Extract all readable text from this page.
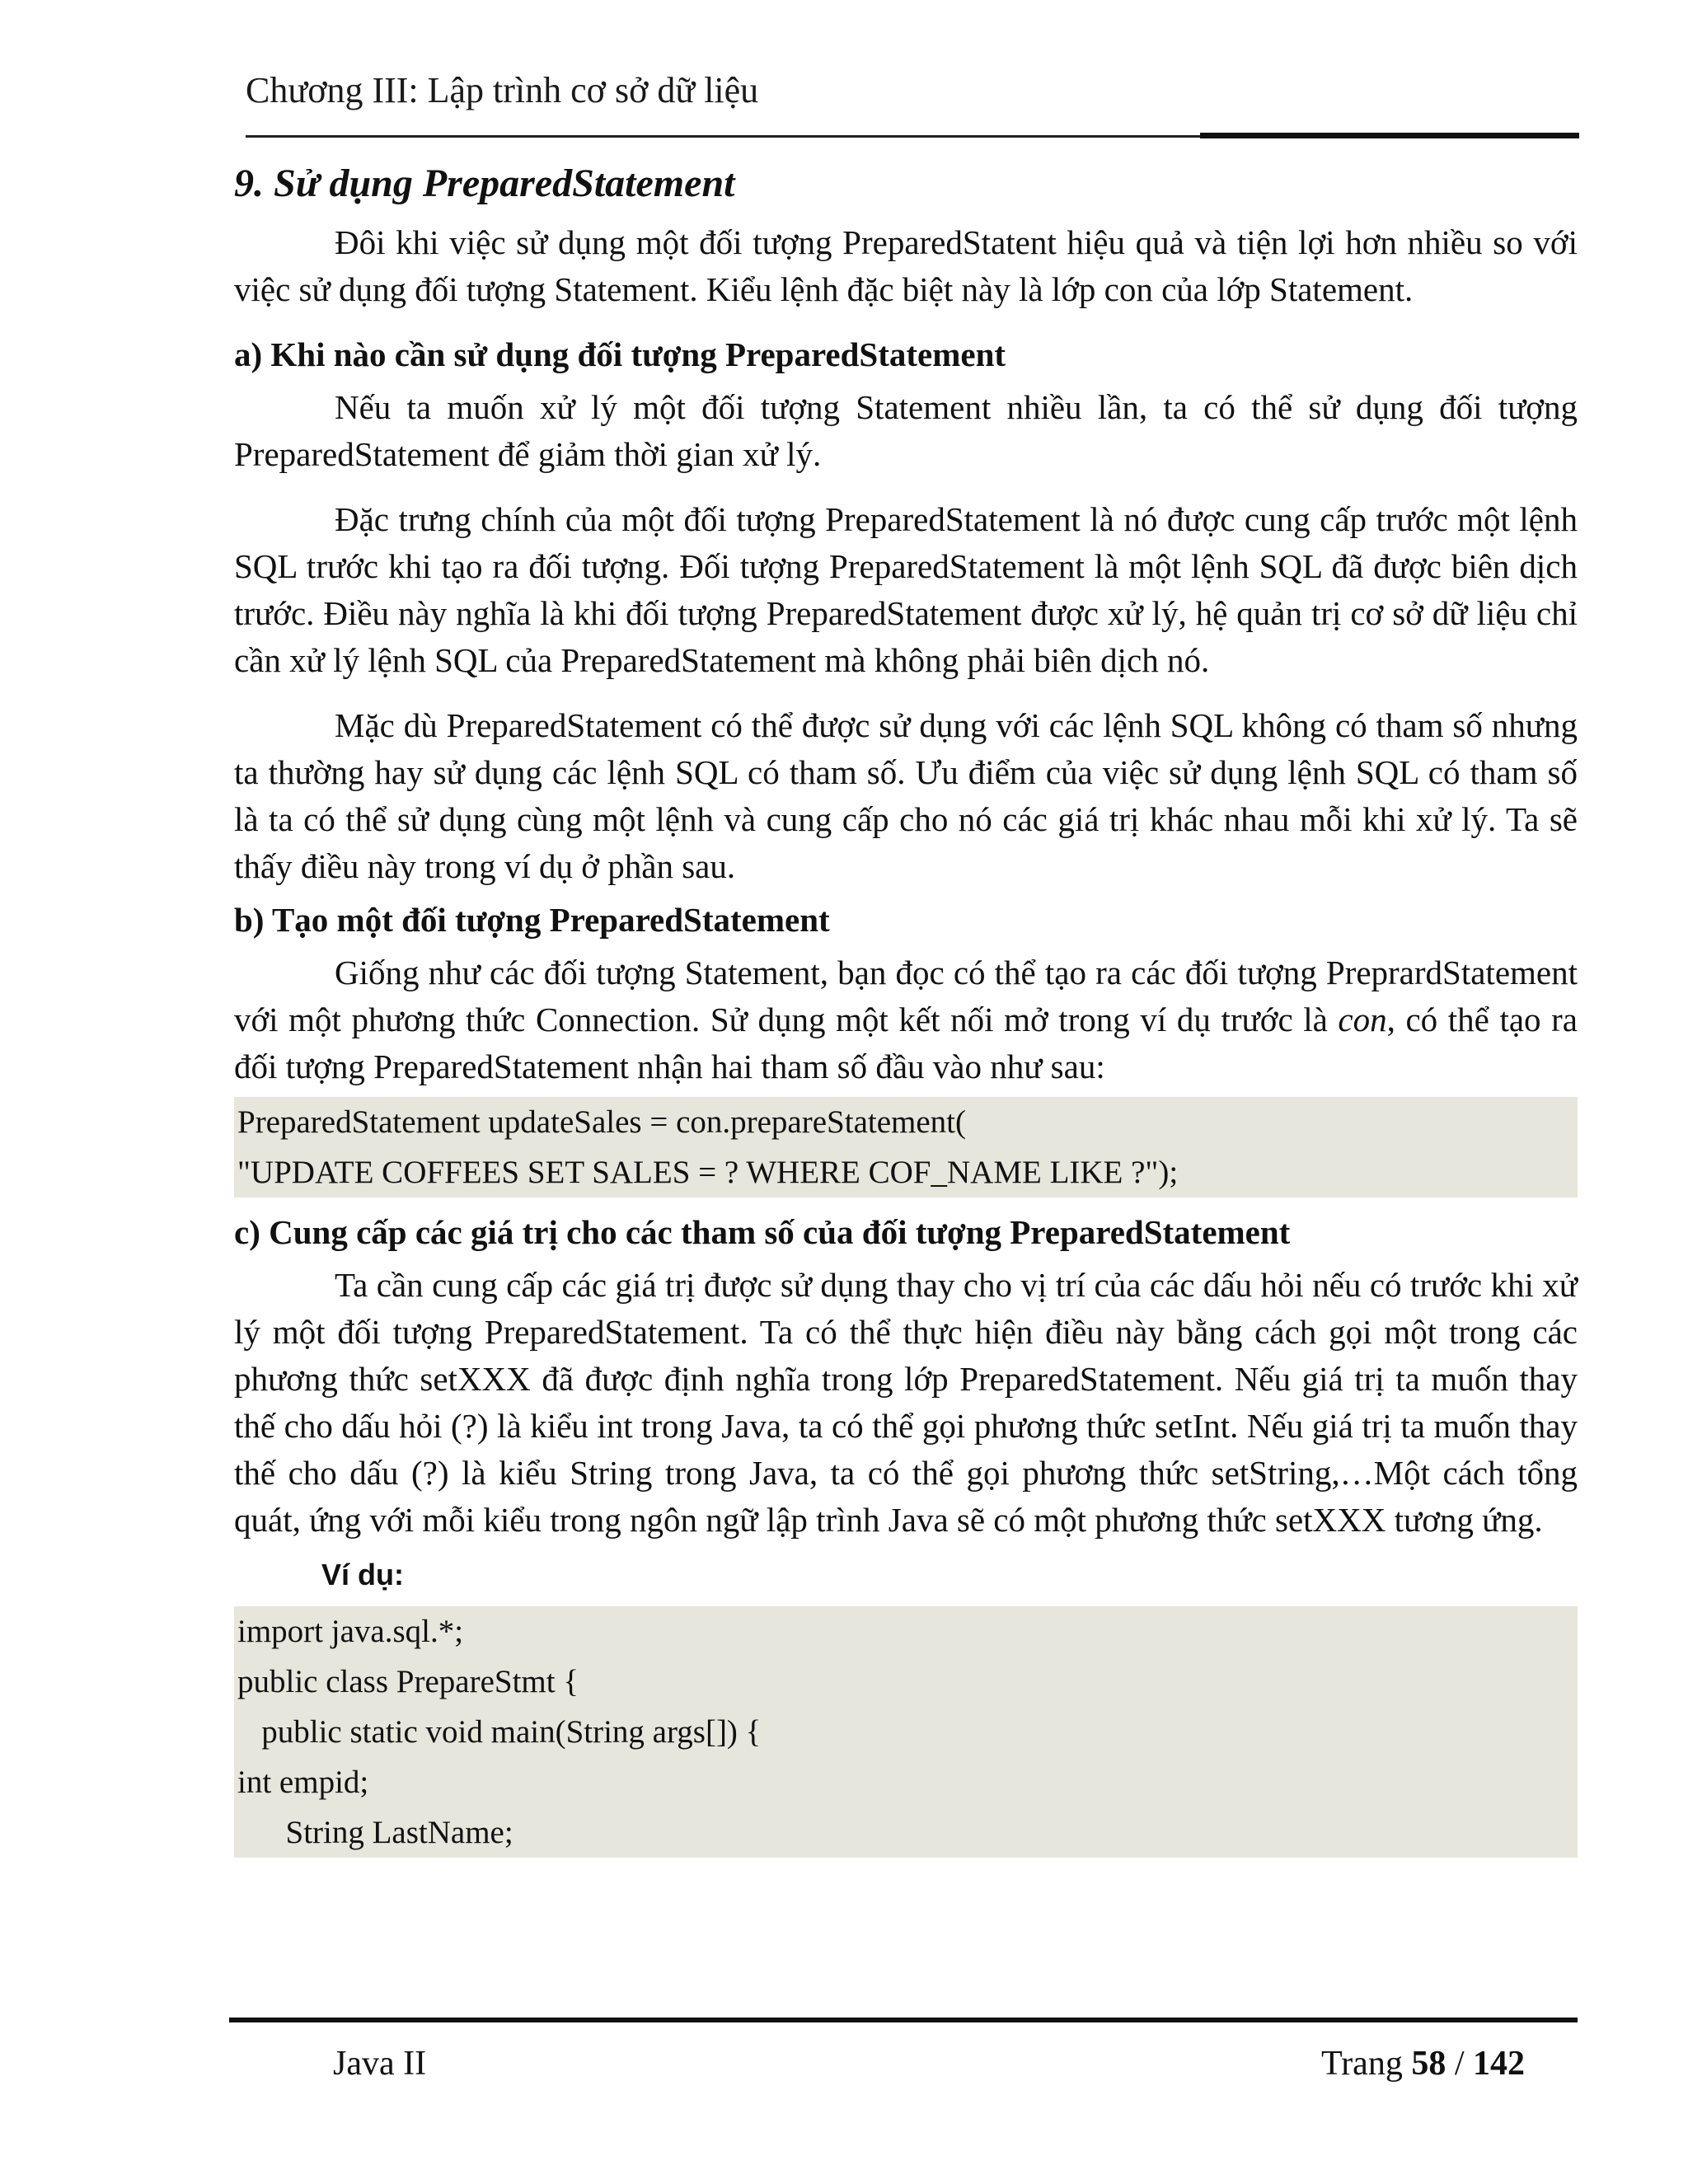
Chương III: Lập trình cơ sở dữ liệu
9. Sử dụng PreparedStatement

Đôi khi việc sử dụng một đối tượng PreparedStatent hiệu quả và tiện lợi hơn nhiều so với việc sử dụng đối tượng Statement. Kiểu lệnh đặc biệt này là lớp con của lớp Statement.

a) Khi nào cần sử dụng đối tượng PreparedStatement

Nếu ta muốn xử lý một đối tượng Statement nhiều lần, ta có thể sử dụng đối tượng PreparedStatement để giảm thời gian xử lý.

Đặc trưng chính của một đối tượng PreparedStatement là nó được cung cấp trước một lệnh SQL trước khi tạo ra đối tượng. Đối tượng PreparedStatement là một lệnh SQL đã được biên dịch trước. Điều này nghĩa là khi đối tượng PreparedStatement được xử lý, hệ quản trị cơ sở dữ liệu chỉ cần xử lý lệnh SQL của PreparedStatement mà không phải biên dịch nó.

Mặc dù PreparedStatement có thể được sử dụng với các lệnh SQL không có tham số nhưng ta thường hay sử dụng các lệnh SQL có tham số. Ưu điểm của việc sử dụng lệnh SQL có tham số là ta có thể sử dụng cùng một lệnh và cung cấp cho nó các giá trị khác nhau mỗi khi xử lý. Ta sẽ thấy điều này trong ví dụ ở phần sau.

b) Tạo một đối tượng PreparedStatement

Giống như các đối tượng Statement, bạn đọc có thể tạo ra các đối tượng PreprardStatement với một phương thức Connection. Sử dụng một kết nối mở trong ví dụ trước là con, có thể tạo ra đối tượng PreparedStatement nhận hai tham số đầu vào như sau:

PreparedStatement updateSales = con.prepareStatement(
"UPDATE COFFEES SET SALES = ? WHERE COF_NAME LIKE ?");
c) Cung cấp các giá trị cho các tham số của đối tượng PreparedStatement

Ta cần cung cấp các giá trị được sử dụng thay cho vị trí của các dấu hỏi nếu có trước khi xử lý một đối tượng PreparedStatement. Ta có thể thực hiện điều này bằng cách gọi một trong các phương thức setXXX đã được định nghĩa trong lớp PreparedStatement. Nếu giá trị ta muốn thay thế cho dấu hỏi (?) là kiểu int trong Java, ta có thể gọi phương thức setInt. Nếu giá trị ta muốn thay thế cho dấu (?) là kiểu String trong Java, ta có thể gọi phương thức setString,…Một cách tổng quát, ứng với mỗi kiểu trong ngôn ngữ lập trình Java sẽ có một phương thức setXXX tương ứng.

Ví dụ:
import java.sql.*;
public class PrepareStmt {
public static void main(String args[]) {
int empid;
String LastName;
Java II	Trang 58 / 142
